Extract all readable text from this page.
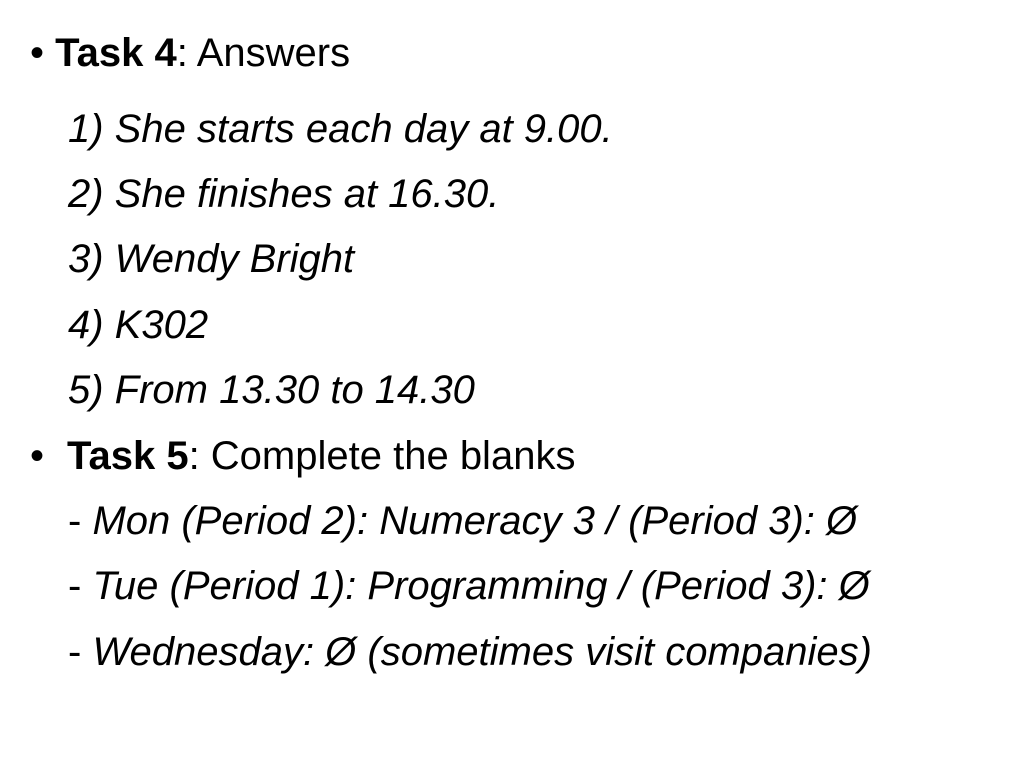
• Task 4: Answers
1) She starts each day at 9.00.
2) She finishes at 16.30.
3) Wendy Bright
4) K302
5) From 13.30 to 14.30
• Task 5: Complete the blanks
- Mon (Period 2): Numeracy 3 / (Period 3): Ø
- Tue (Period 1): Programming / (Period 3): Ø
- Wednesday: Ø (sometimes visit companies)
